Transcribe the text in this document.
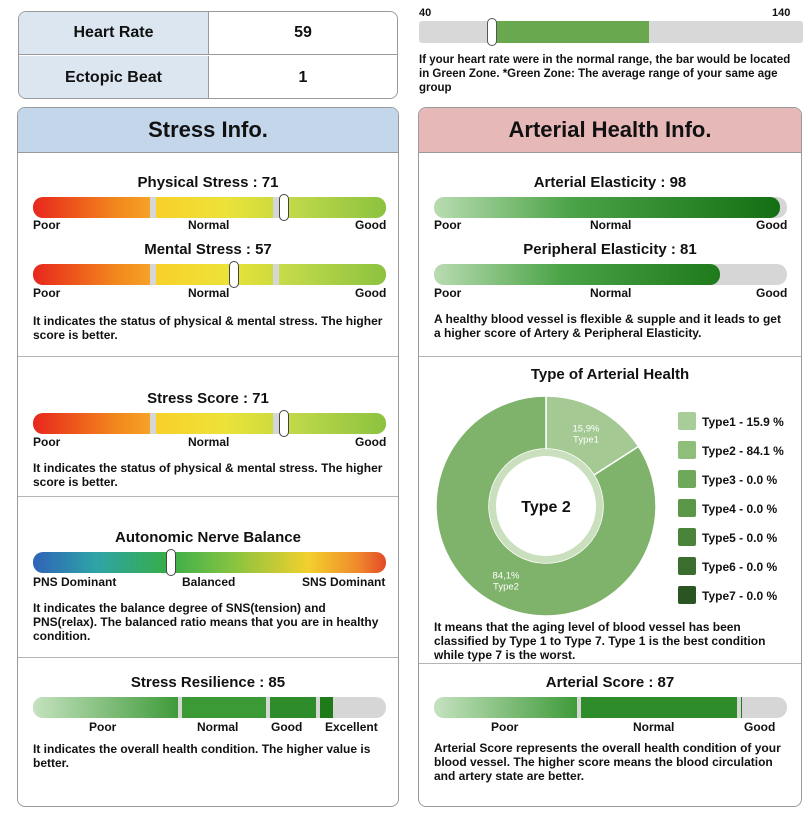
Heart Rate	59
Ectopic Beat	1
40	140
If your heart rate were in the normal range, the bar would be located in Green Zone. *Green Zone: The average range of your same age group
Stress Info.
Physical Stress : 71
Poor	Normal	Good
Mental Stress : 57
Poor	Normal	Good
It indicates the status of physical & mental stress. The higher score is better.
Stress Score : 71
Poor	Normal	Good
It indicates the status of physical & mental stress. The higher score is better.
Autonomic Nerve Balance
PNS Dominant	Balanced	SNS Dominant
It indicates the balance degree of SNS(tension) and PNS(relax). The balanced ratio means that you are in healthy condition.
Stress Resilience : 85
Poor	Normal	Good Excellent
It indicates the overall health condition. The higher value is better.
Arterial Health Info.
Arterial Elasticity : 98
Poor	Normal	Good
Peripheral Elasticity : 81
Poor	Normal	Good
A healthy blood vessel is flexible & supple and it leads to get a higher score of Artery & Peripheral Elasticity.
Type of Arterial Health
Type 2
15,9%
Type1
84,1%
Type2
Type1 - 15.9 %
Type2 - 84.1 %
Type3 - 0.0 %
Type4 - 0.0 %
Type5 - 0.0 %
Type6 - 0.0 %
Type7 - 0.0 %
It means that the aging level of blood vessel has been classified by Type 1 to Type 7. Type 1 is the best condition while type 7 is the worst.
Arterial Score : 87
Poor	Normal	Good
Arterial Score represents the overall health condition of your blood vessel. The higher score means the blood circulation and artery state are better.
